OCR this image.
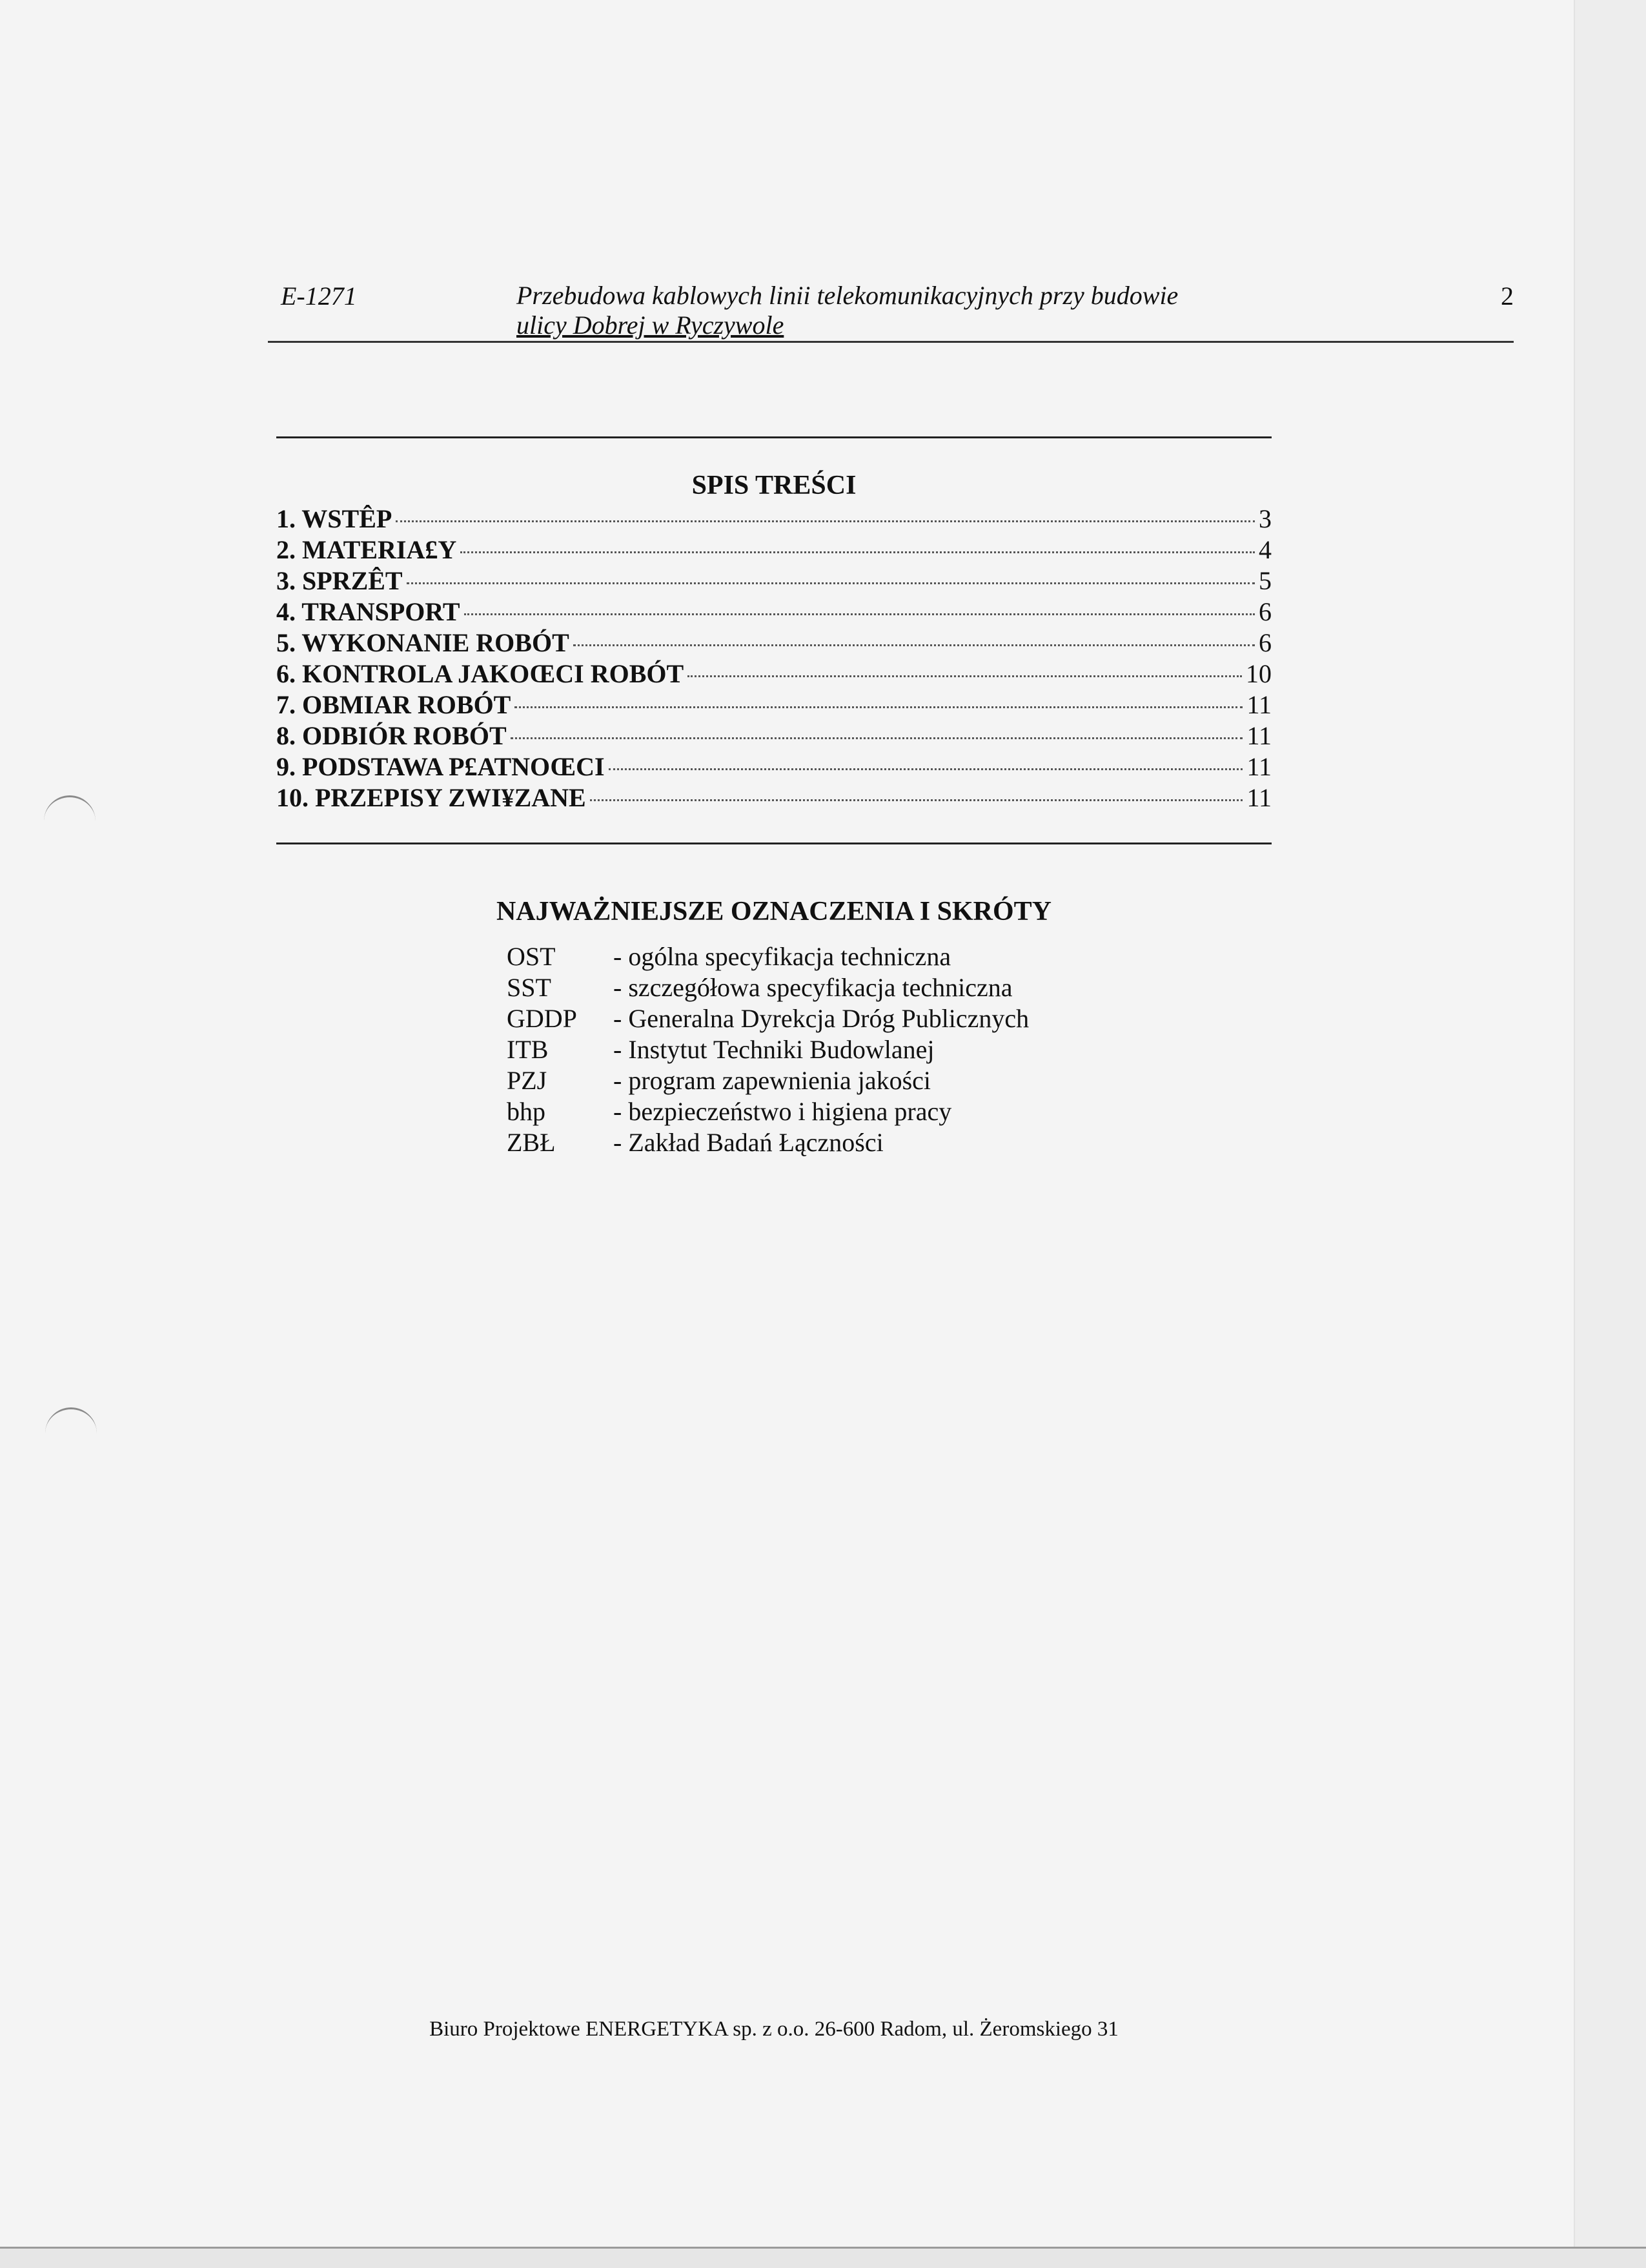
E-1271	Przebudowa kablowych linii telekomunikacyjnych przy budowie
ulicy Dobrej w Ryczywole
2
SPIS TREŚCI
1. WSTÊP	3
2. MATERIA£Y	4
3. SPRZÊT	5
4. TRANSPORT	6
5. WYKONANIE ROBÓT	6
6. KONTROLA JAKOŒCI ROBÓT	10
7. OBMIAR ROBÓT	11
8. ODBIÓR ROBÓT	11
9. PODSTAWA P£ATNOŒCI	11
10. PRZEPISY ZWI¥ZANE	11
NAJWAŻNIEJSZE OZNACZENIA I SKRÓTY
OST	- ogólna specyfikacja techniczna
SST	- szczegółowa specyfikacja techniczna
GDDP	- Generalna Dyrekcja Dróg Publicznych
ITB	- Instytut Techniki Budowlanej
PZJ	- program zapewnienia jakości
bhp	- bezpieczeństwo i higiena pracy
ZBŁ	- Zakład Badań Łączności
Biuro Projektowe ENERGETYKA sp. z o.o. 26-600 Radom, ul. Żeromskiego 31
